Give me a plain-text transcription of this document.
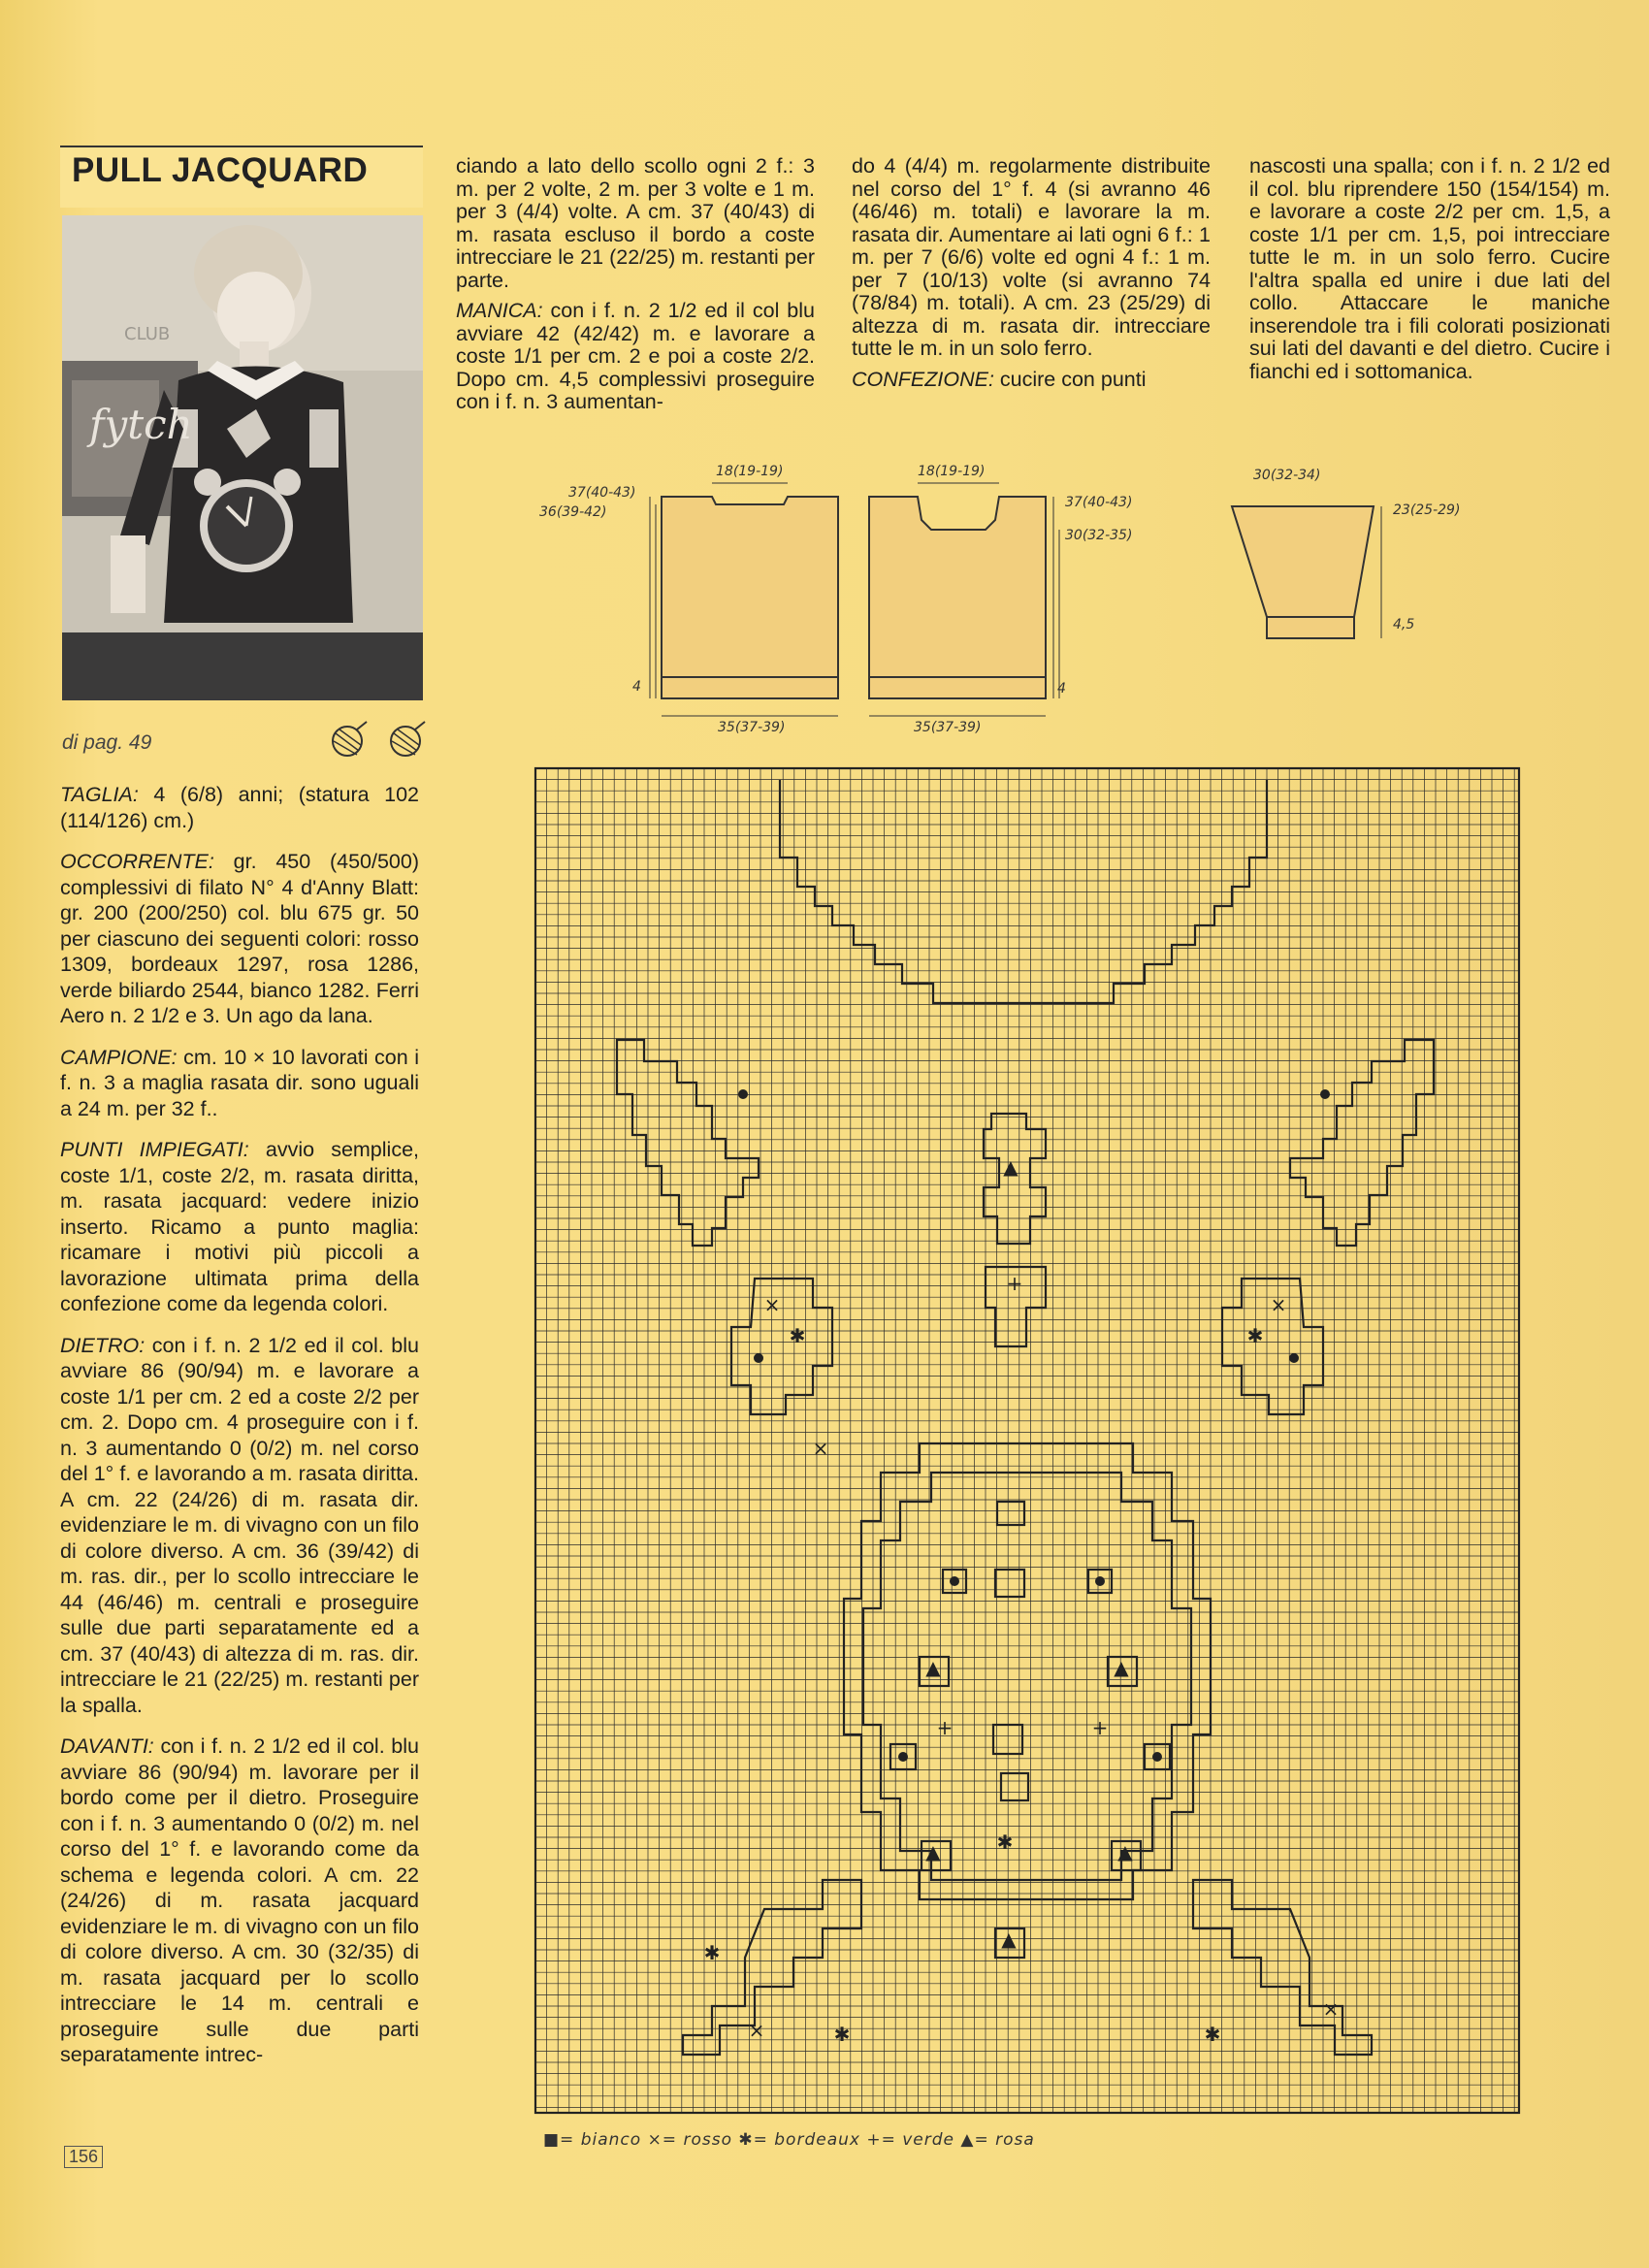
PULL JACQUARD
fytch
CLUB
di pag. 49

TAGLIA: 4 (6/8) anni; (statura 102 (114/126) cm.)

OCCORRENTE: gr. 450 (450/500) complessivi di filato N° 4 d'Anny Blatt: gr. 200 (200/250) col. blu 675 gr. 50 per ciascuno dei seguenti colori: rosso 1309, bordeaux 1297, rosa 1286, verde biliardo 2544, bianco 1282. Ferri Aero n. 2 1/2 e 3. Un ago da lana.

CAMPIONE: cm. 10 × 10 lavorati con i f. n. 3 a maglia rasata dir. sono uguali a 24 m. per 32 f..

PUNTI IMPIEGATI: avvio semplice, coste 1/1, coste 2/2, m. rasata diritta, m. rasata jacquard: vedere inizio inserto. Ricamo a punto maglia: ricamare i motivi più piccoli a lavorazione ultimata prima della confezione come da legenda colori.

DIETRO: con i f. n. 2 1/2 ed il col. blu avviare 86 (90/94) m. e lavorare a coste 1/1 per cm. 2 ed a coste 2/2 per cm. 2. Dopo cm. 4 proseguire con i f. n. 3 aumentando 0 (0/2) m. nel corso del 1° f. e lavorando a m. rasata diritta. A cm. 22 (24/26) di m. rasata dir. evidenziare le m. di vivagno con un filo di colore diverso. A cm. 36 (39/42) di m. ras. dir., per lo scollo intrecciare le 44 (46/46) m. centrali e proseguire sulle due parti separatamente ed a cm. 37 (40/43) di altezza di m. ras. dir. intrecciare le 21 (22/25) m. restanti per la spalla.

DAVANTI: con i f. n. 2 1/2 ed il col. blu avviare 86 (90/94) m. lavorare per il bordo come per il dietro. Proseguire con i f. n. 3 aumentando 0 (0/2) m. nel corso del 1° f. e lavorando come da schema e legenda colori. A cm. 22 (24/26) di m. rasata jacquard evidenziare le m. di vivagno con un filo di colore diverso. A cm. 30 (32/35) di m. rasata jacquard per lo scollo intrecciare le 14 m. centrali e proseguire sulle due parti separatamente intrec-

ciando a lato dello scollo ogni 2 f.: 3 m. per 2 volte, 2 m. per 3 volte e 1 m. per 3 (4/4) volte. A cm. 37 (40/43) di m. rasata escluso il bordo a coste intrecciare le 21 (22/25) m. restanti per parte.

MANICA: con i f. n. 2 1/2 ed il col blu avviare 42 (42/42) m. e lavorare a coste 1/1 per cm. 2 e poi a coste 2/2. Dopo cm. 4,5 complessivi proseguire con i f. n. 3 aumentan-

do 4 (4/4) m. regolarmente distribuite nel corso del 1° f. 4 (si avranno 46 (46/46) m. totali) e lavorare la m. rasata dir. Aumentare ai lati ogni 6 f.: 1 m. per 7 (6/6) volte ed ogni 4 f.: 1 m. per 7 (10/13) volte (si avranno 74 (78/84) m. totali). A cm. 23 (25/29) di altezza di m. rasata dir. intrecciare tutte le m. in un solo ferro.

CONFEZIONE: cucire con punti

nascosti una spalla; con i f. n. 2 1/2 ed il col. blu riprendere 150 (154/154) m. e lavorare a coste 2/2 per cm. 1,5, a coste 1/1 per cm. 1,5, poi intrecciare tutte le m. in un solo ferro. Cucire l'altra spalla ed unire i due lati del collo. Attaccare le maniche inserendole tra i fili colorati posizionati sui lati del davanti e del dietro. Cucire i fianchi ed i sottomanica.

18(19-19)
37(40-43)
36(39-42)
4
35(37-39)
18(19-19)
37(40-43)
30(32-35)
4
35(37-39)
30(32-34)
23(25-29)
4,5
▲
+
×
✱
×
✱
×
▲	▲
+	+
✱
▲	▲
▲
✱
✱
×	✱
×
■= bianco ×= rosso ✱= bordeaux += verde ▲= rosa
156
